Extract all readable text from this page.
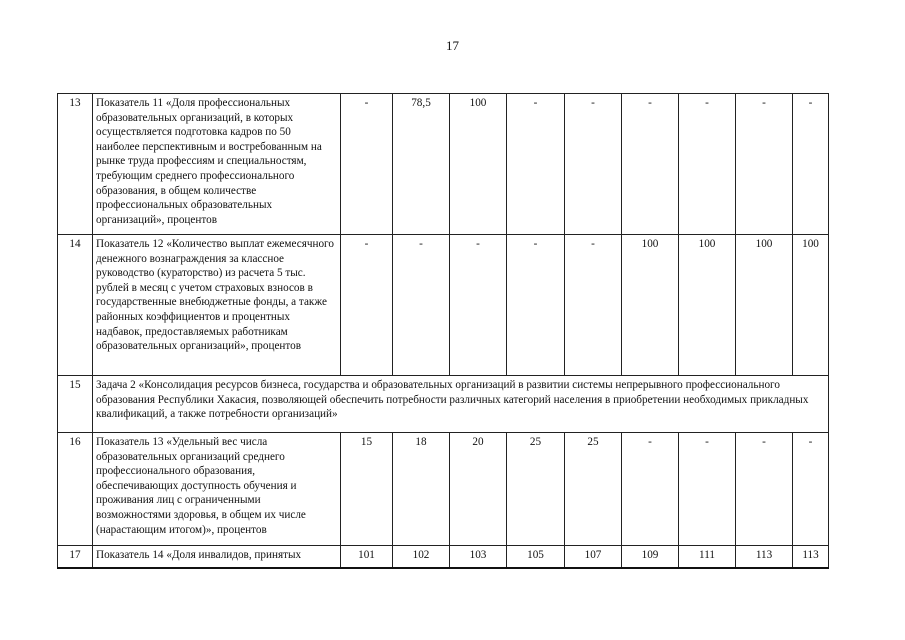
17
13	Показатель 11 «Доля профессиональных образовательных организаций, в которых осуществляется подготовка кадров по 50 наиболее перспективным и востребованным на рынке труда профессиям и специальностям, требующим среднего профессионального образования, в общем количестве профессиональных образовательных организаций», процентов	-	78,5	100	-	-	-	-	-	-
14	Показатель 12 «Количество выплат ежемесячного денежного вознаграждения за классное руководство (кураторство) из расчета 5 тыс. рублей в месяц с учетом страховых взносов в государственные внебюджетные фонды, а также районных коэффициентов и процентных надбавок, предоставляемых работникам образовательных организаций», процентов	-	-	-	-	-	100	100	100	100
15	Задача 2 «Консолидация ресурсов бизнеса, государства и образовательных организаций в развитии системы непрерывного профессионального образования Республики Хакасия, позволяющей обеспечить потребности различных категорий населения в приобретении необходимых прикладных квалификаций, а также потребности организаций»									
16	Показатель 13 «Удельный вес числа образовательных организаций среднего профессионального образования, обеспечивающих доступность обучения и проживания лиц с ограниченными возможностями здоровья, в общем их числе (нарастающим итогом)», процентов	15	18	20	25	25	-	-	-	-
17	Показатель 14 «Доля инвалидов, принятых	101	102	103	105	107	109	111	113	113
